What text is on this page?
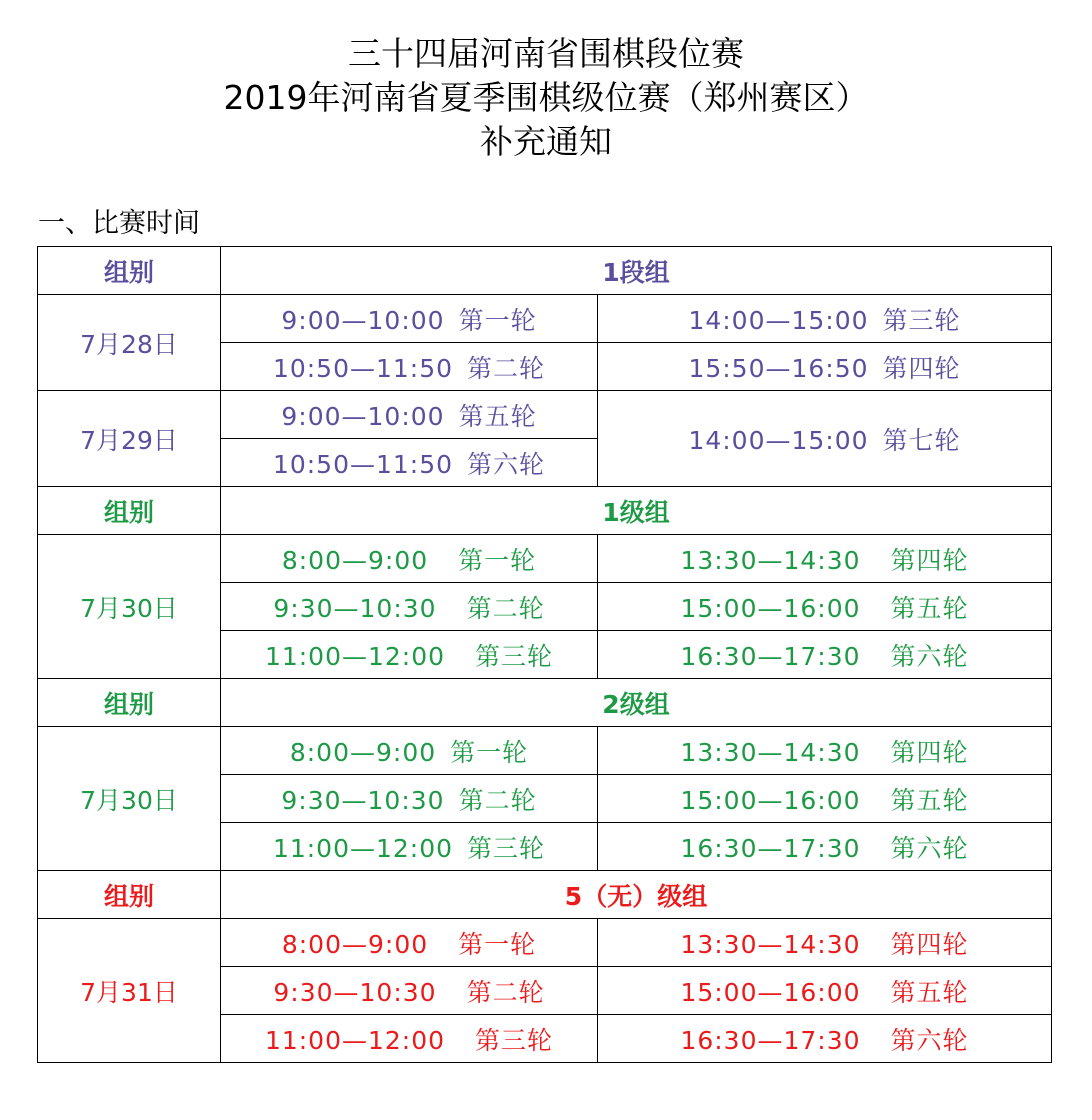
三十四届河南省围棋段位赛
2019年河南省夏季围棋级位赛（郑州赛区）
补充通知
一、比赛时间
组别	1段组	
7月28日	9:00—10:00 第一轮	14:00—15:00 第三轮
	10:50—11:50 第二轮	15:50—16:50 第四轮
7月29日	9:00—10:00 第五轮	14:00—15:00 第七轮
	10:50—11:50 第六轮	
组别	1级组	
7月30日	8:00—9:00 第一轮	13:30—14:30 第四轮
	9:30—10:30 第二轮	15:00—16:00 第五轮
	11:00—12:00 第三轮	16:30—17:30 第六轮
组别	2级组	
7月30日	8:00—9:00 第一轮	13:30—14:30 第四轮
	9:30—10:30 第二轮	15:00—16:00 第五轮
	11:00—12:00 第三轮	16:30—17:30 第六轮
组别	5（无）级组	
7月31日	8:00—9:00 第一轮	13:30—14:30 第四轮
	9:30—10:30 第二轮	15:00—16:00 第五轮
	11:00—12:00 第三轮	16:30—17:30 第六轮
